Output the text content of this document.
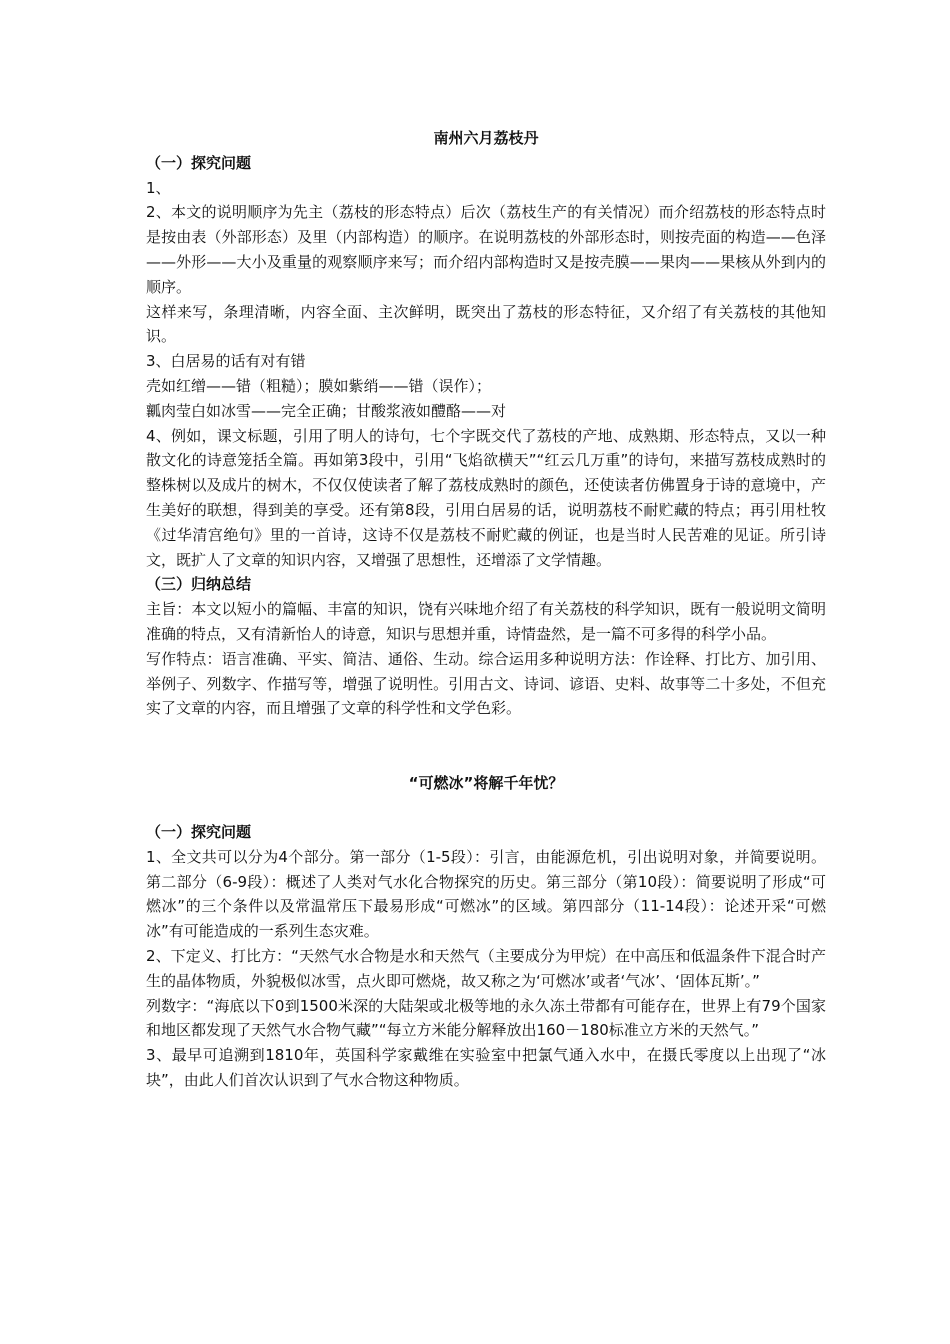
南州六月荔枝丹

（一）探究问题

1、

2、本文的说明顺序为先主（荔枝的形态特点）后次（荔枝生产的有关情况）而介绍荔枝的形态特点时是按由表（外部形态）及里（内部构造）的顺序。在说明荔枝的外部形态时，则按壳面的构造——色泽——外形——大小及重量的观察顺序来写；而介绍内部构造时又是按壳膜——果肉——果核从外到内的顺序。

这样来写，条理清晰，内容全面、主次鲜明，既突出了荔枝的形态特征，又介绍了有关荔枝的其他知识。

3、白居易的话有对有错

壳如红缯——错（粗糙）；膜如紫绡——错（误作）；

瓤肉莹白如冰雪——完全正确；甘酸浆液如醴酪——对

4、例如，课文标题，引用了明人的诗句，七个字既交代了荔枝的产地、成熟期、形态特点，又以一种散文化的诗意笼括全篇。再如第3段中，引用“飞焰欲横天”“红云几万重”的诗句，来描写荔枝成熟时的整株树以及成片的树木，不仅仅使读者了解了荔枝成熟时的颜色，还使读者仿佛置身于诗的意境中，产生美好的联想，得到美的享受。还有第8段，引用白居易的话，说明荔枝不耐贮藏的特点；再引用杜牧《过华清宫绝句》里的一首诗，这诗不仅是荔枝不耐贮藏的例证，也是当时人民苦难的见证。所引诗文，既扩人了文章的知识内容，又增强了思想性，还增添了文学情趣。

（三）归纳总结

主旨：本文以短小的篇幅、丰富的知识，饶有兴味地介绍了有关荔枝的科学知识，既有一般说明文简明准确的特点，又有清新怡人的诗意，知识与思想并重，诗情盎然，是一篇不可多得的科学小品。

写作特点：语言准确、平实、简洁、通俗、生动。综合运用多种说明方法：作诠释、打比方、加引用、举例子、列数字、作描写等，增强了说明性。引用古文、诗词、谚语、史料、故事等二十多处，不但充实了文章的内容，而且增强了文章的科学性和文学色彩。

“可燃冰”将解千年忧？

（一）探究问题

1、全文共可以分为4个部分。第一部分（1-5段）：引言，由能源危机，引出说明对象，并简要说明。第二部分（6-9段）：概述了人类对气水化合物探究的历史。第三部分（第10段）：简要说明了形成“可燃冰”的三个条件以及常温常压下最易形成“可燃冰”的区域。第四部分（11-14段）：论述开采“可燃冰”有可能造成的一系列生态灾难。

2、下定义、打比方：“天然气水合物是水和天然气（主要成分为甲烷）在中高压和低温条件下混合时产生的晶体物质，外貌极似冰雪，点火即可燃烧，故又称之为‘可燃冰’或者‘气冰’、‘固体瓦斯’。”

列数字：“海底以下0到1500米深的大陆架或北极等地的永久冻土带都有可能存在，世界上有79个国家和地区都发现了天然气水合物气藏”“每立方米能分解释放出160－180标准立方米的天然气。”

3、最早可追溯到1810年，英国科学家戴维在实验室中把氯气通入水中，在摄氏零度以上出现了“冰块”，由此人们首次认识到了气水合物这种物质。
